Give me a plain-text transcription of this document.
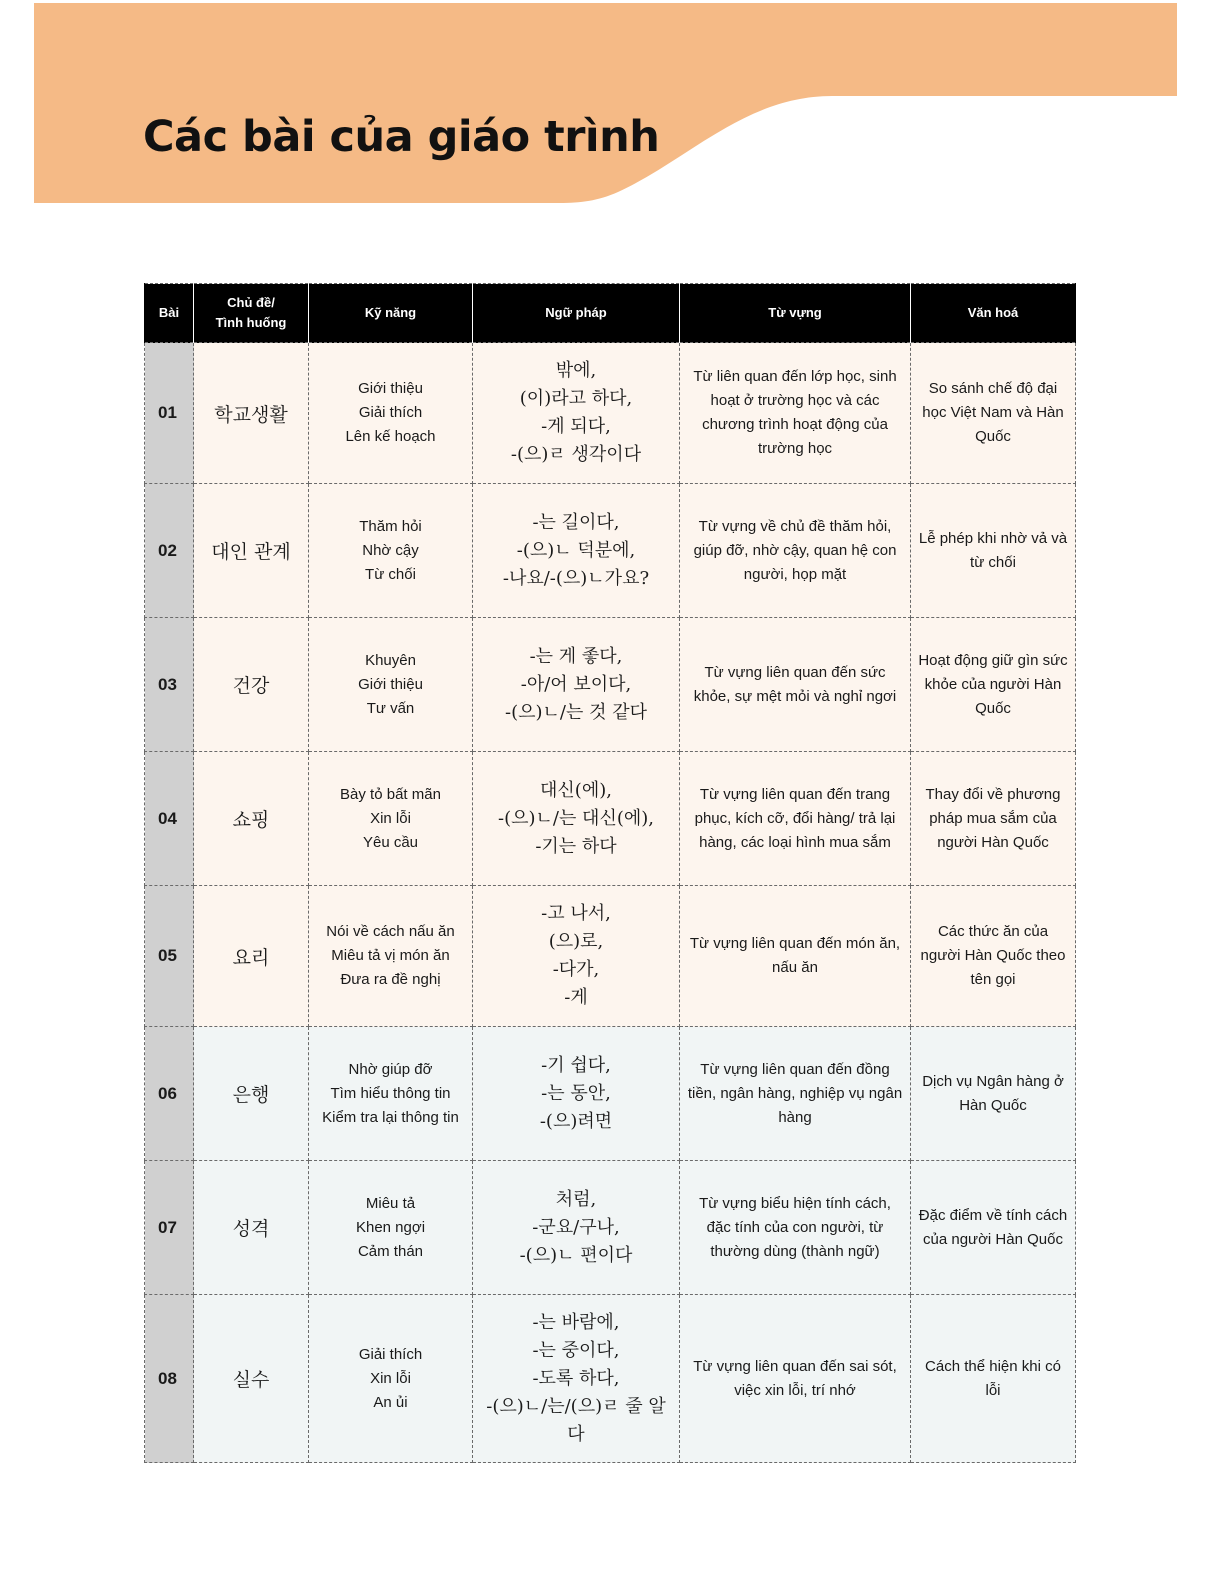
Các bài của giáo trình
Bài	Chủ đề/
Tình huống	Kỹ năng	Ngữ pháp	Từ vựng	Văn hoá
01	학교생활	Giới thiệu
Giải thích
Lên kế hoạch	밖에,
(이)라고 하다,
-게 되다,
-(으)ㄹ 생각이다	Từ liên quan đến lớp học, sinh hoạt ở trường học và các chương trình hoạt động của trường học	So sánh chế độ đại học Việt Nam và Hàn Quốc
02	대인 관계	Thăm hỏi
Nhờ cậy
Từ chối	-는 길이다,
-(으)ㄴ 덕분에,
-나요/-(으)ㄴ가요?	Từ vựng về chủ đề thăm hỏi, giúp đỡ, nhờ cậy, quan hệ con người, họp mặt	Lễ phép khi nhờ vả và từ chối
03	건강	Khuyên
Giới thiệu
Tư vấn	-는 게 좋다,
-아/어 보이다,
-(으)ㄴ/는 것 같다	Từ vựng liên quan đến sức khỏe, sự mệt mỏi và nghỉ ngơi	Hoạt động giữ gìn sức khỏe của người Hàn Quốc
04	쇼핑	Bày tỏ bất mãn
Xin lỗi
Yêu cầu	대신(에),
-(으)ㄴ/는 대신(에),
-기는 하다	Từ vựng liên quan đến trang phục, kích cỡ, đổi hàng/ trả lại hàng, các loại hình mua sắm	Thay đổi về phương pháp mua sắm của người Hàn Quốc
05	요리	Nói về cách nấu ăn
Miêu tả vị món ăn
Đưa ra đề nghị	-고 나서,
(으)로,
-다가,
-게	Từ vựng liên quan đến món ăn, nấu ăn	Các thức ăn của người Hàn Quốc theo tên gọi
06	은행	Nhờ giúp đỡ
Tìm hiểu thông tin
Kiểm tra lại thông tin	-기 쉽다,
-는 동안,
-(으)려면	Từ vựng liên quan đến đồng tiền, ngân hàng, nghiệp vụ ngân hàng	Dịch vụ Ngân hàng ở Hàn Quốc
07	성격	Miêu tả
Khen ngợi
Cảm thán	처럼,
-군요/구나,
-(으)ㄴ 편이다	Từ vựng biểu hiện tính cách, đặc tính của con người, từ thường dùng (thành ngữ)	Đặc điểm về tính cách của người Hàn Quốc
08	실수	Giải thích
Xin lỗi
An ủi	-는 바람에,
-는 중이다,
-도록 하다,
-(으)ㄴ/는/(으)ㄹ 줄 알다	Từ vựng liên quan đến sai sót, việc xin lỗi, trí nhớ	Cách thể hiện khi có lỗi
